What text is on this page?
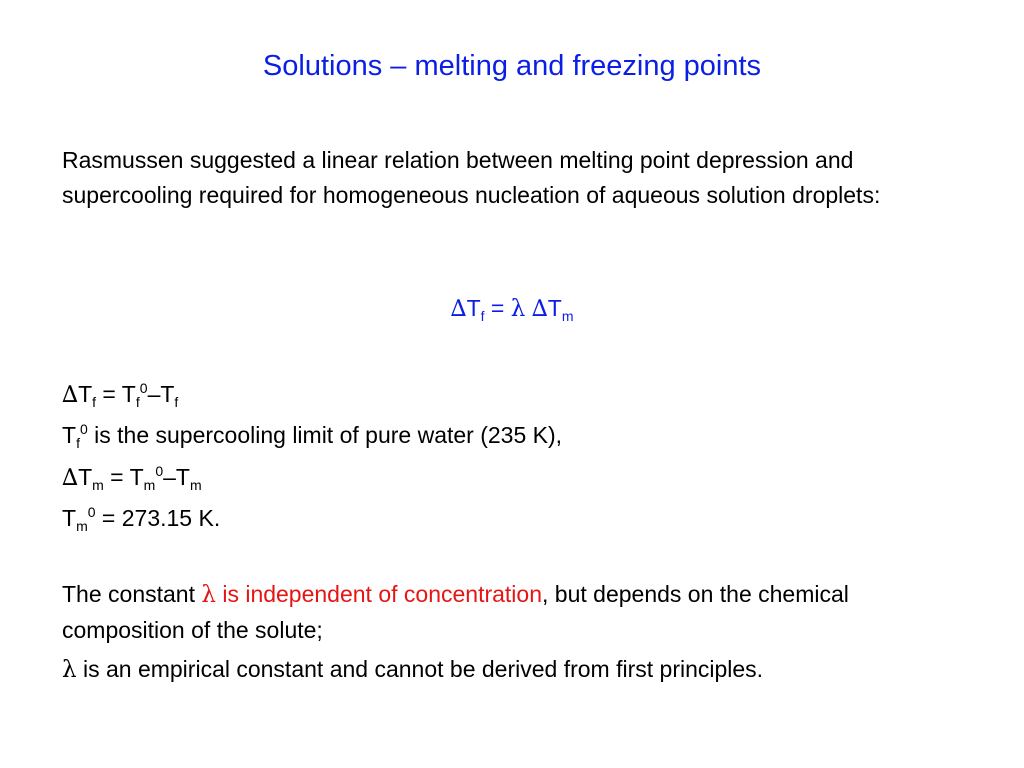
Solutions – melting and freezing points
Rasmussen suggested a linear relation between melting point depression and supercooling required for homogeneous nucleation of aqueous solution droplets:
$\Delta T_f = \lambda$ $\Delta T_m$
$\Delta T_f = T_f^0-T_f$
$T_f^0$ is the supercooling limit of pure water (235 K),
$\Delta T_m = T_m^0-T_m$
$T_m^0 = 273.15$ K.
The constant λ is independent of concentration, but depends on the chemical composition of the solute;
λ is an empirical constant and cannot be derived from first principles.
